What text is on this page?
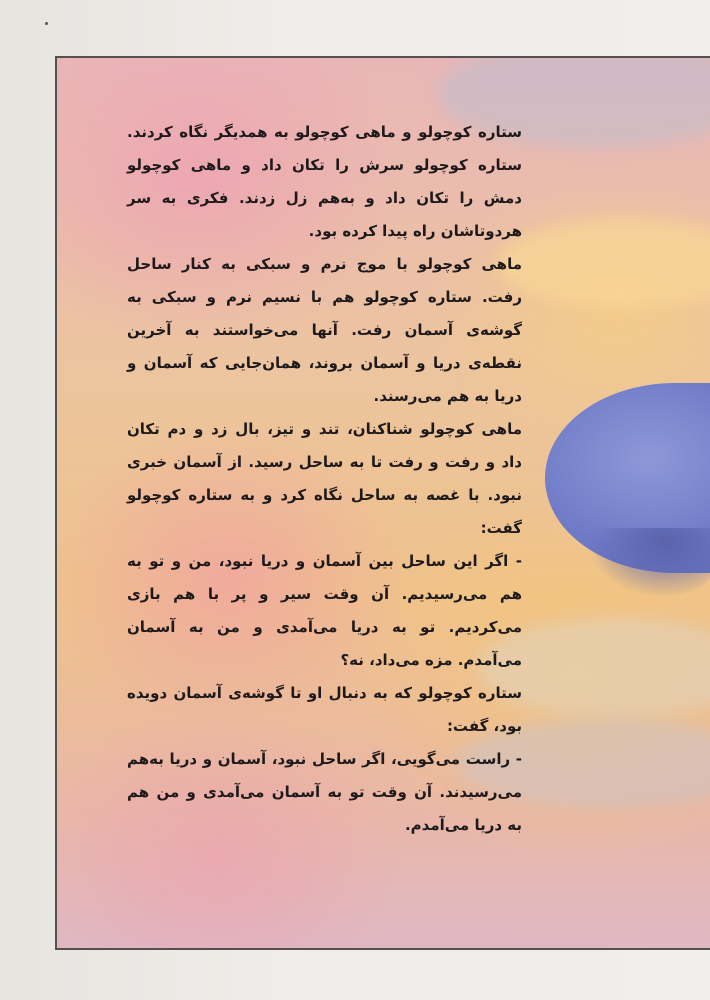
ستاره کوچولو و ماهی کوچولو به همدیگر نگاه کردند. ستاره کوچولو سرش را تکان داد و ماهی کوچولو دمش را تکان داد و به‌هم زل زدند. فکری به سر هردوتاشان راه پیدا کرده بود.

ماهی کوچولو با موج نرم و سبکی به کنار ساحل رفت. ستاره کوچولو هم با نسیم نرم و سبکی به گوشه‌ی آسمان رفت. آنها می‌خواستند به آخرین نقطه‌ی دریا و آسمان بروند، همان‌جایی که آسمان و دریا به هم می‌رسند.

ماهی کوچولو شناکنان، تند و تیز، بال زد و دم تکان داد و رفت و رفت تا به ساحل رسید. از آسمان خبری نبود. با غصه به ساحل نگاه کرد و به ستاره کوچولو گفت:

- اگر این ساحل بین آسمان و دریا نبود، من و تو به هم می‌رسیدیم. آن وقت سیر و پر با هم بازی می‌کردیم. تو به دریا می‌آمدی و من به آسمان می‌آمدم. مزه می‌داد، نه؟

ستاره کوچولو که به دنبال او تا گوشه‌ی آسمان دویده بود، گفت:

- راست می‌گویی، اگر ساحل نبود، آسمان و دریا به‌هم می‌رسیدند. آن وقت تو به آسمان می‌آمدی و من هم به دریا می‌آمدم.
